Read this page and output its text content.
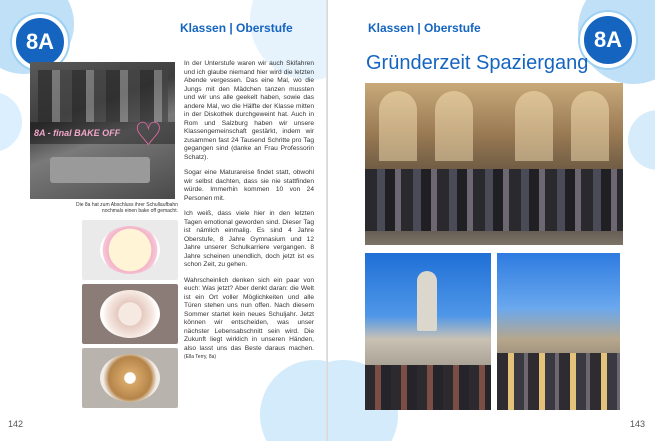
8A
Klassen | Oberstufe
8A - final BAKE OFF ♡
Die 8a hat zum Abschluss ihrer Schullaufbahn nochmals einen bake off gemacht.

In der Unterstufe waren wir auch Skifahren und ich glaube niemand hier wird die letzten Abende vergessen. Das eine Mal, wo die Jungs mit den Mädchen tanzen mussten und wir uns alle geekelt haben, sowie das andere Mal, wo die Hälfte der Klasse mitten in der Diskothek durchgeweint hat. Auch in Rom und Salzburg haben wir unsere Klassengemeinschaft gestärkt, indem wir zusammen fast 24 Tausend Schritte pro Tag gegangen sind (danke an Frau Professorin Schatz).

Sogar eine Maturareise findet statt, obwohl wir selbst dachten, dass sie nie stattfinden würde. Immerhin kommen 10 von 24 Personen mit.

Ich weiß, dass viele hier in den letzten Tagen emotional geworden sind. Dieser Tag ist nämlich einmalig. Es sind 4 Jahre Oberstufe, 8 Jahre Gymnasium und 12 Jahre unserer Schulkarriere vergangen. 8 Jahre scheinen unendlich, doch jetzt ist es schon Zeit, zu gehen.

Wahrscheinlich denken sich ein paar von euch: Was jetzt? Aber denkt daran: die Welt ist ein Ort voller Möglichkeiten und alle Türen stehen uns nun offen. Nach diesem Sommer startet kein neues Schuljahr. Jetzt können wir entscheiden, was unser nächster Lebensabschnitt sein wird. Die Zukunft liegt wirklich in unseren Händen, also lasst uns das Beste daraus machen. (Ella Terry, 8a)

142
Klassen | Oberstufe	8A
Gründerzeit Spaziergang
143
